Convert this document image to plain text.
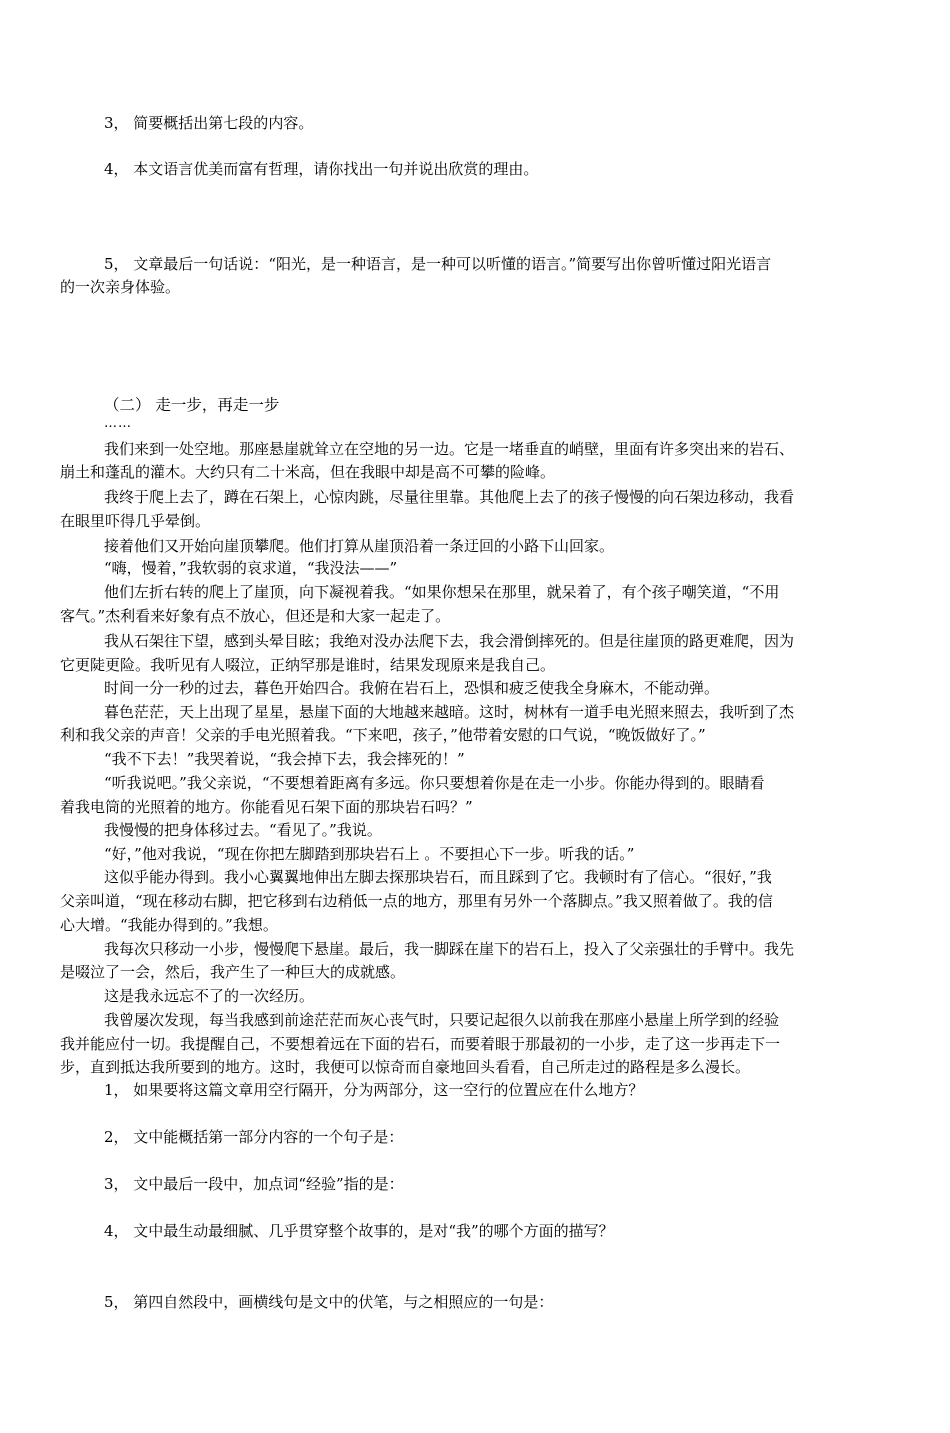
3， 简要概括出第七段的内容。
4， 本文语言优美而富有哲理，请你找出一句并说出欣赏的理由。
5， 文章最后一句话说：“阳光，是一种语言，是一种可以听懂的语言。”简要写出你曾听懂过阳光语言
的一次亲身体验。
（二） 走一步，再走一步
……
我们来到一处空地。那座悬崖就耸立在空地的另一边。它是一堵垂直的峭壁，里面有许多突出来的岩石、
崩土和蓬乱的灌木。大约只有二十米高，但在我眼中却是高不可攀的险峰。
我终于爬上去了，蹲在石架上，心惊肉跳，尽量往里靠。其他爬上去了的孩子慢慢的向石架边移动，我看
在眼里吓得几乎晕倒。
接着他们又开始向崖顶攀爬。他们打算从崖顶沿着一条迂回的小路下山回家。
“嗨，慢着，”我软弱的哀求道，“我没法——”
他们左折右转的爬上了崖顶，向下凝视着我。“如果你想呆在那里，就呆着了，有个孩子嘲笑道，“不用
客气。”杰利看来好象有点不放心，但还是和大家一起走了。
我从石架往下望，感到头晕目眩；我绝对没办法爬下去，我会滑倒摔死的。但是往崖顶的路更难爬，因为
它更陡更险。我听见有人啜泣，正纳罕那是谁时，结果发现原来是我自己。
时间一分一秒的过去，暮色开始四合。我俯在岩石上，恐惧和疲乏使我全身麻木，不能动弹。
暮色茫茫，天上出现了星星，悬崖下面的大地越来越暗。这时，树林有一道手电光照来照去，我听到了杰
利和我父亲的声音！父亲的手电光照着我。“下来吧，孩子，”他带着安慰的口气说，“晚饭做好了。”
“我不下去！”我哭着说，“我会掉下去，我会摔死的！”
“听我说吧。”我父亲说，“不要想着距离有多远。你只要想着你是在走一小步。你能办得到的。眼睛看
着我电筒的光照着的地方。你能看见石架下面的那块岩石吗？”
我慢慢的把身体移过去。“看见了。”我说。
“好，”他对我说，“现在你把左脚踏到那块岩石上 。不要担心下一步。听我的话。”
这似乎能办得到。我小心翼翼地伸出左脚去探那块岩石，而且踩到了它。我顿时有了信心。“很好，”我
父亲叫道，“现在移动右脚，把它移到右边稍低一点的地方，那里有另外一个落脚点。”我又照着做了。我的信
心大增。“我能办得到的。”我想。
我每次只移动一小步，慢慢爬下悬崖。最后，我一脚踩在崖下的岩石上，投入了父亲强壮的手臂中。我先
是啜泣了一会，然后，我产生了一种巨大的成就感。
这是我永远忘不了的一次经历。
我曾屡次发现，每当我感到前途茫茫而灰心丧气时，只要记起很久以前我在那座小悬崖上所学到的经验
我并能应付一切。我提醒自己，不要想着远在下面的岩石，而要着眼于那最初的一小步，走了这一步再走下一
步，直到抵达我所要到的地方。这时，我便可以惊奇而自豪地回头看看，自己所走过的路程是多么漫长。
1， 如果要将这篇文章用空行隔开，分为两部分，这一空行的位置应在什么地方？
2， 文中能概括第一部分内容的一个句子是：
3， 文中最后一段中，加点词“经验”指的是：
4， 文中最生动最细腻、几乎贯穿整个故事的，是对“我”的哪个方面的描写？
5， 第四自然段中，画横线句是文中的伏笔，与之相照应的一句是：
